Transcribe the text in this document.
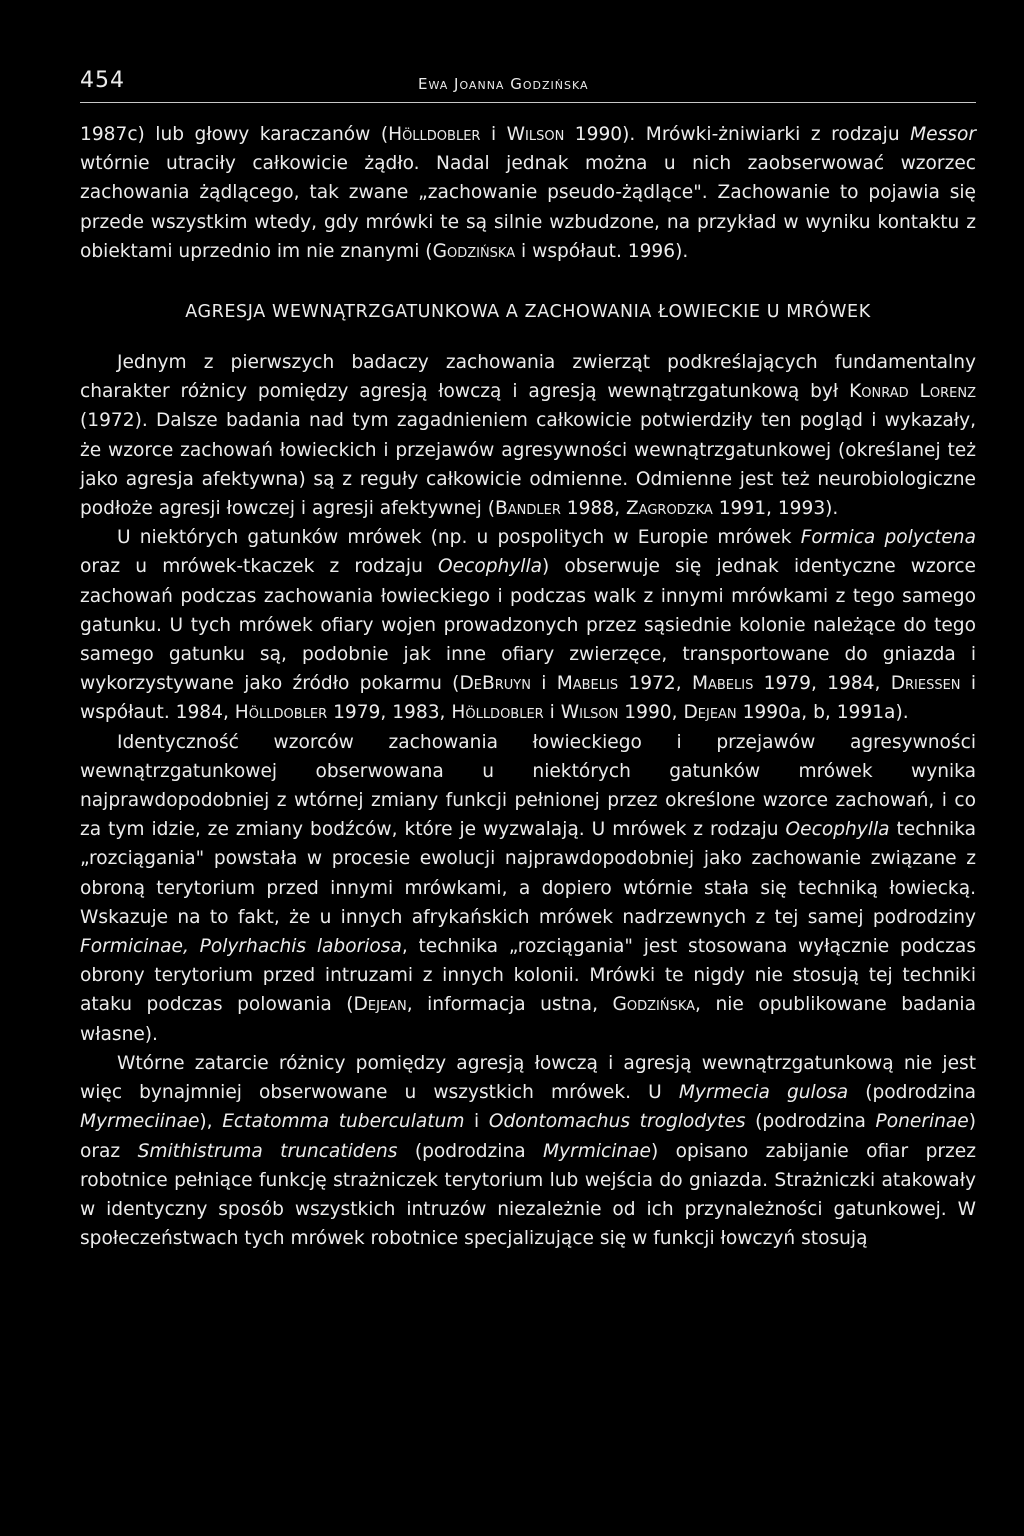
454	Ewa Joanna Godzińska

1987c) lub głowy karaczanów (Hölldobler i Wilson 1990). Mrówki-żniwiarki z rodzaju Messor wtórnie utraciły całkowicie żądło. Nadal jednak można u nich zaobserwować wzorzec zachowania żądlącego, tak zwane „zachowanie pseudo-żądlące". Zachowanie to pojawia się przede wszystkim wtedy, gdy mrówki te są silnie wzbudzone, na przykład w wyniku kontaktu z obiektami uprzednio im nie znanymi (Godzińska i współaut. 1996).

AGRESJA WEWNĄTRZGATUNKOWA A ZACHOWANIA ŁOWIECKIE U MRÓWEK

Jednym z pierwszych badaczy zachowania zwierząt podkreślających fundamentalny charakter różnicy pomiędzy agresją łowczą i agresją wewnątrzgatunkową był Konrad Lorenz (1972). Dalsze badania nad tym zagadnieniem całkowicie potwierdziły ten pogląd i wykazały, że wzorce zachowań łowieckich i przejawów agresywności wewnątrzgatunkowej (określanej też jako agresja afektywna) są z reguły całkowicie odmienne. Odmienne jest też neurobiologiczne podłoże agresji łowczej i agresji afektywnej (Bandler 1988, Zagrodzka 1991, 1993).

U niektórych gatunków mrówek (np. u pospolitych w Europie mrówek Formica polyctena oraz u mrówek-tkaczek z rodzaju Oecophylla) obserwuje się jednak identyczne wzorce zachowań podczas zachowania łowieckiego i podczas walk z innymi mrówkami z tego samego gatunku. U tych mrówek ofiary wojen prowadzonych przez sąsiednie kolonie należące do tego samego gatunku są, podobnie jak inne ofiary zwierzęce, transportowane do gniazda i wykorzystywane jako źródło pokarmu (DeBruyn i Mabelis 1972, Mabelis 1979, 1984, Driessen i współaut. 1984, Hölldobler 1979, 1983, Hölldobler i Wilson 1990, Dejean 1990a, b, 1991a).

Identyczność wzorców zachowania łowieckiego i przejawów agresywności wewnątrzgatunkowej obserwowana u niektórych gatunków mrówek wynika najprawdopodobniej z wtórnej zmiany funkcji pełnionej przez określone wzorce zachowań, i co za tym idzie, ze zmiany bodźców, które je wyzwalają. U mrówek z rodzaju Oecophylla technika „rozciągania" powstała w procesie ewolucji najprawdopodobniej jako zachowanie związane z obroną terytorium przed innymi mrówkami, a dopiero wtórnie stała się techniką łowiecką. Wskazuje na to fakt, że u innych afrykańskich mrówek nadrzewnych z tej samej podrodziny Formicinae, Polyrhachis laboriosa, technika „rozciągania" jest stosowana wyłącznie podczas obrony terytorium przed intruzami z innych kolonii. Mrówki te nigdy nie stosują tej techniki ataku podczas polowania (Dejean, informacja ustna, Godzińska, nie opublikowane badania własne).

Wtórne zatarcie różnicy pomiędzy agresją łowczą i agresją wewnątrzgatunkową nie jest więc bynajmniej obserwowane u wszystkich mrówek. U Myrmecia gulosa (podrodzina Myrmeciinae), Ectatomma tuberculatum i Odontomachus troglodytes (podrodzina Ponerinae) oraz Smithistruma truncatidens (podrodzina Myrmicinae) opisano zabijanie ofiar przez robotnice pełniące funkcję strażniczek terytorium lub wejścia do gniazda. Strażniczki atakowały w identyczny sposób wszystkich intruzów niezależnie od ich przynależności gatunkowej. W społeczeństwach tych mrówek robotnice specjalizujące się w funkcji łowczyń stosują
